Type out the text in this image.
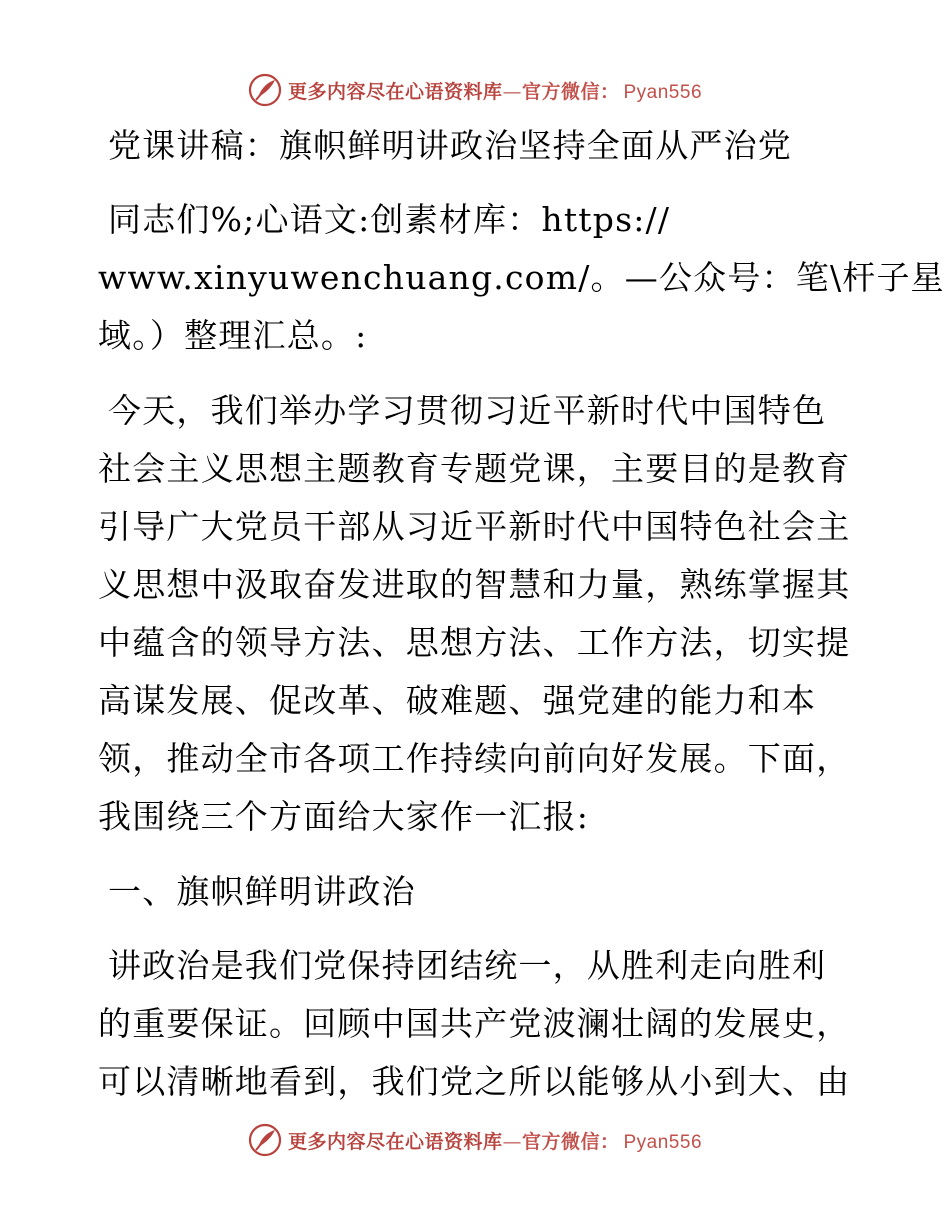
更多内容尽在心语资料库—官方微信： Pyan556
党课讲稿：旗帜鲜明讲政治坚持全面从严治党
同志们%;心语文:创素材库：https://
www.xinyuwenchuang.com/。—公众号：笔\杆子星
域。）整理汇总。:
今天，我们举办学习贯彻习近平新时代中国特色
社会主义思想主题教育专题党课，主要目的是教育
引导广大党员干部从习近平新时代中国特色社会主
义思想中汲取奋发进取的智慧和力量，熟练掌握其
中蕴含的领导方法、思想方法、工作方法，切实提
高谋发展、促改革、破难题、强党建的能力和本
领，推动全市各项工作持续向前向好发展。下面，
我围绕三个方面给大家作一汇报:
一、旗帜鲜明讲政治
讲政治是我们党保持团结统一，从胜利走向胜利
的重要保证。回顾中国共产党波澜壮阔的发展史，
可以清晰地看到，我们党之所以能够从小到大、由
更多内容尽在心语资料库—官方微信： Pyan556
